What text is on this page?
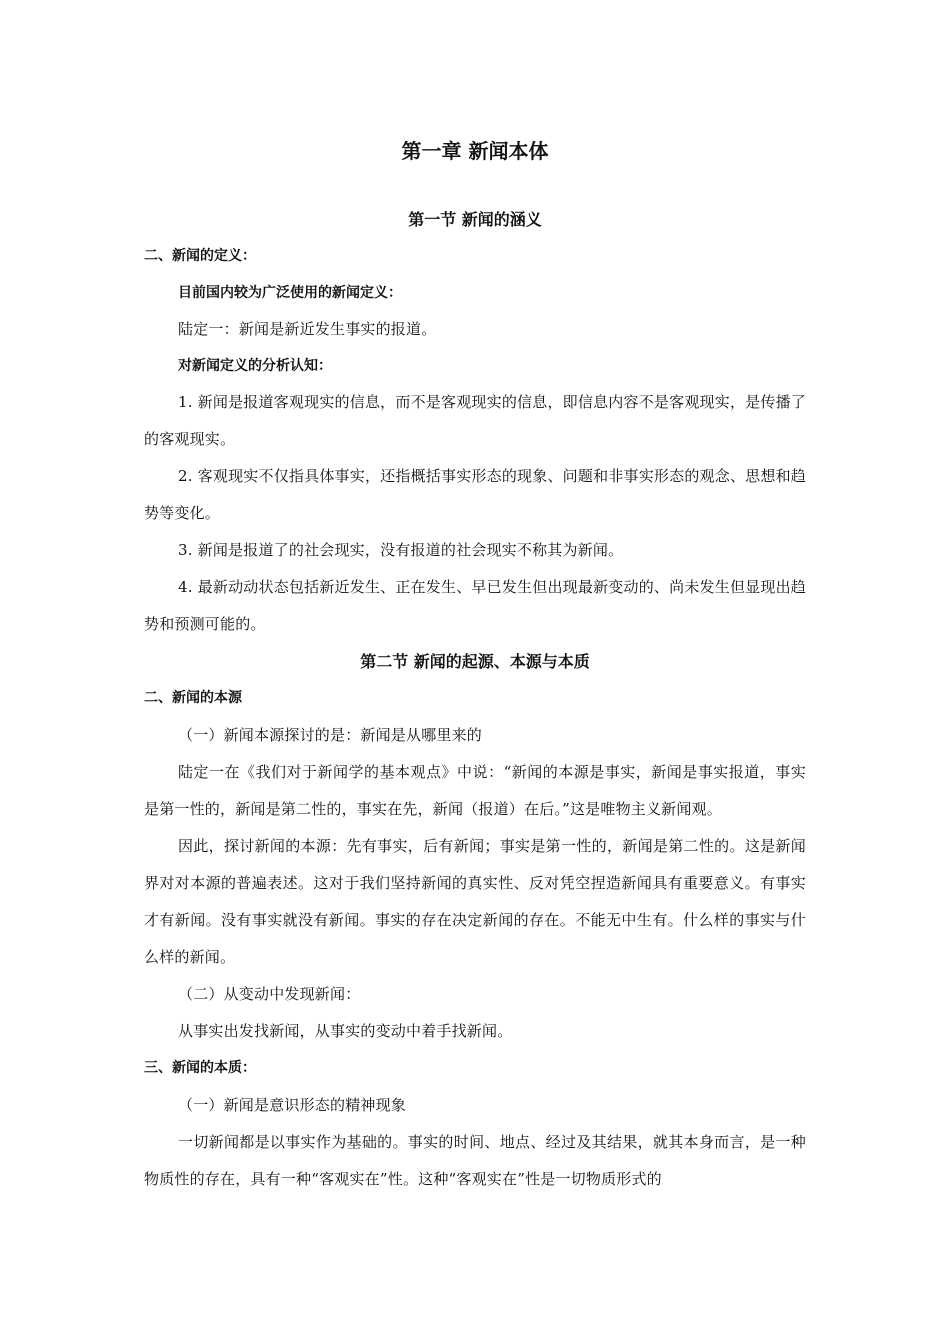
第一章 新闻本体
第一节 新闻的涵义

二、新闻的定义：

目前国内较为广泛使用的新闻定义：

陆定一：新闻是新近发生事实的报道。

对新闻定义的分析认知：

1. 新闻是报道客观现实的信息，而不是客观现实的信息，即信息内容不是客观现实，是传播了的客观现实。

2. 客观现实不仅指具体事实，还指概括事实形态的现象、问题和非事实形态的观念、思想和趋势等变化。

3. 新闻是报道了的社会现实，没有报道的社会现实不称其为新闻。

4. 最新动动状态包括新近发生、正在发生、早已发生但出现最新变动的、尚未发生但显现出趋势和预测可能的。

第二节 新闻的起源、本源与本质

二、新闻的本源

（一）新闻本源探讨的是：新闻是从哪里来的

陆定一在《我们对于新闻学的基本观点》中说：“新闻的本源是事实，新闻是事实报道，事实是第一性的，新闻是第二性的，事实在先，新闻（报道）在后。”这是唯物主义新闻观。

因此，探讨新闻的本源：先有事实，后有新闻；事实是第一性的，新闻是第二性的。这是新闻界对对本源的普遍表述。这对于我们坚持新闻的真实性、反对凭空捏造新闻具有重要意义。有事实才有新闻。没有事实就没有新闻。事实的存在决定新闻的存在。不能无中生有。什么样的事实与什么样的新闻。

（二）从变动中发现新闻：

从事实出发找新闻，从事实的变动中着手找新闻。

三、新闻的本质：

（一）新闻是意识形态的精神现象

一切新闻都是以事实作为基础的。事实的时间、地点、经过及其结果，就其本身而言，是一种物质性的存在，具有一种“客观实在”性。这种“客观实在”性是一切物质形式的
